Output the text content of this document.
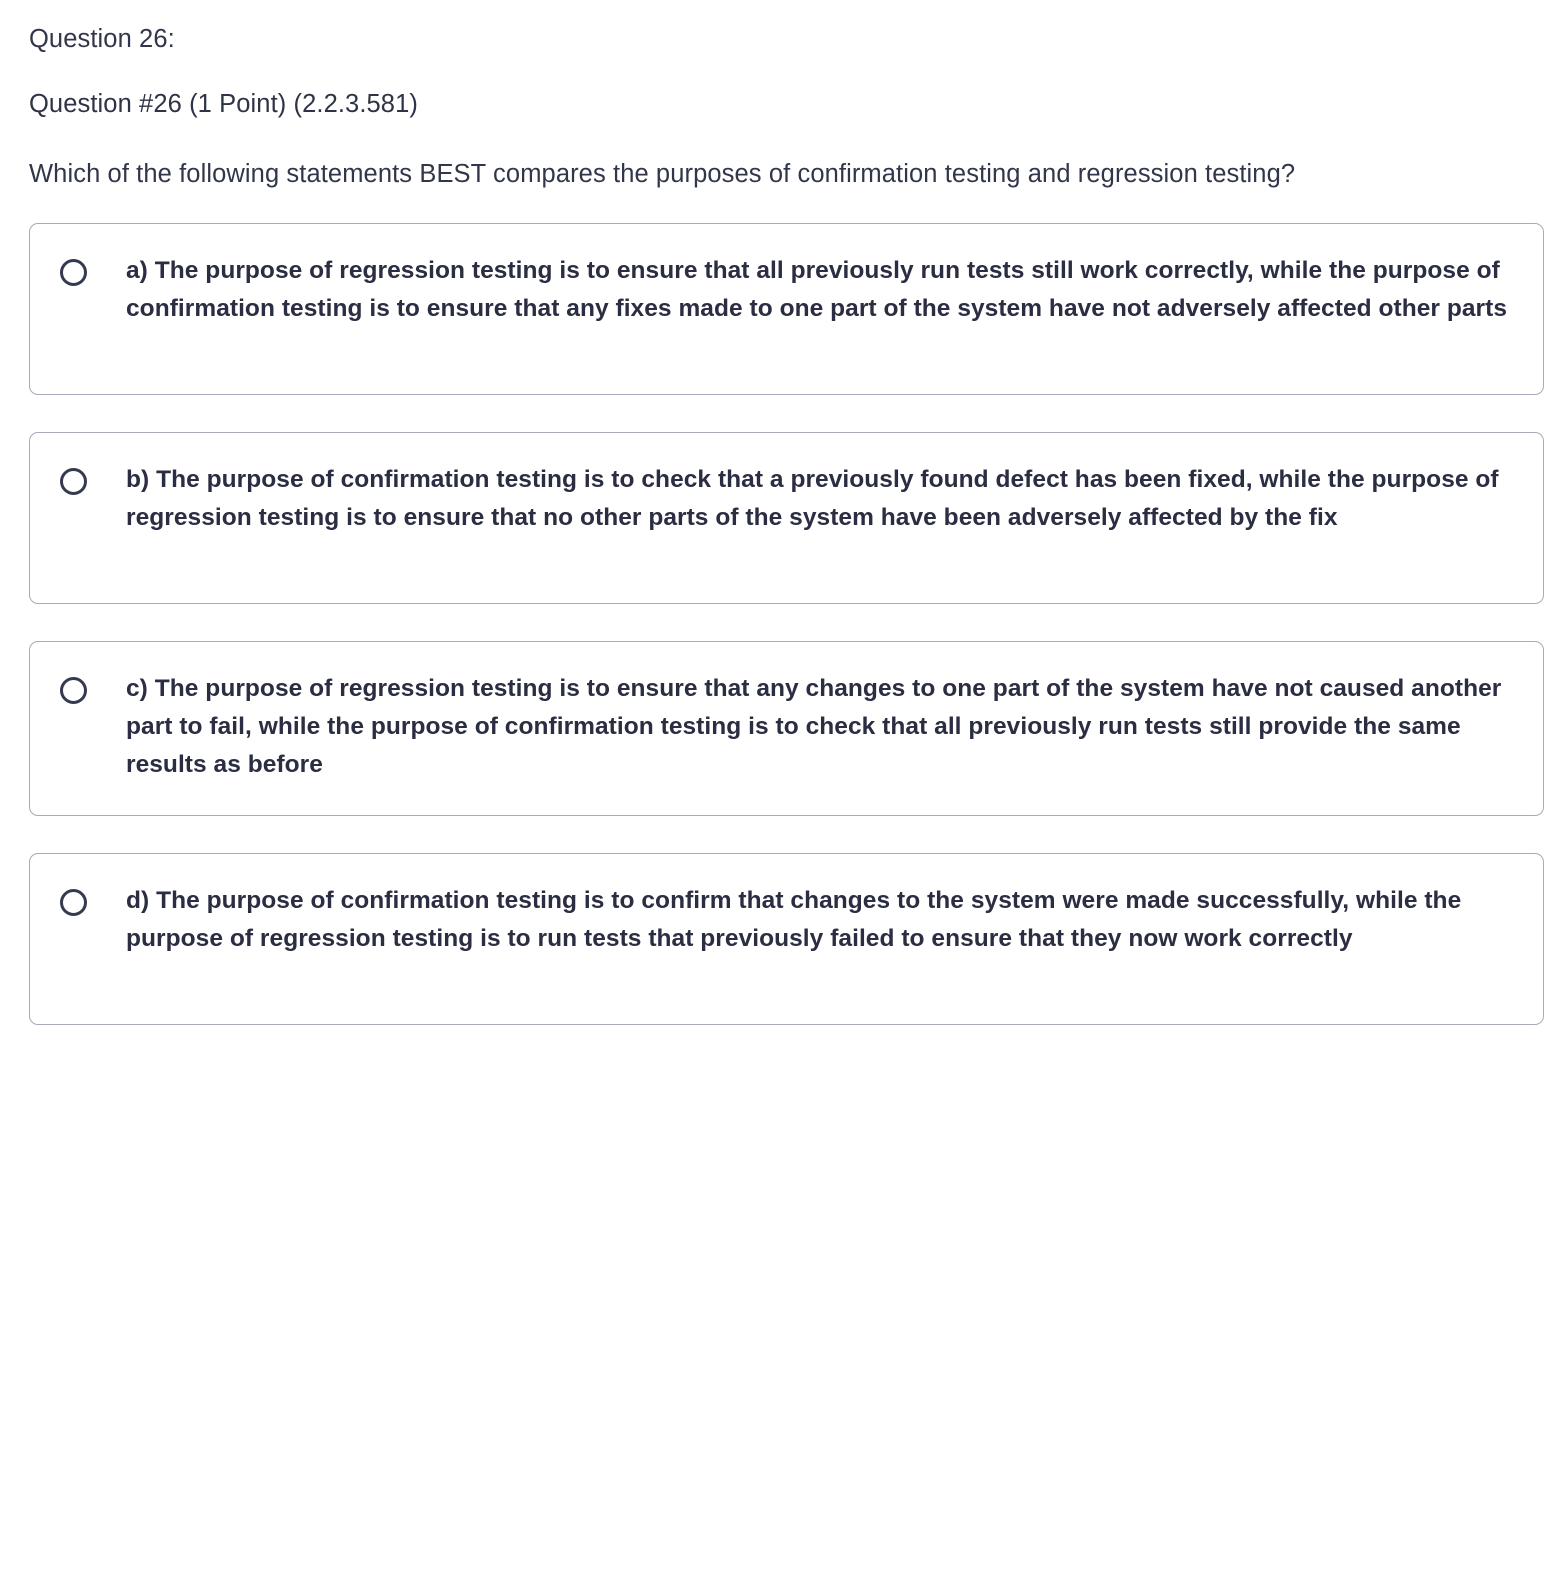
Question 26:
Question #26 (1 Point) (2.2.3.581)
Which of the following statements BEST compares the purposes of confirmation testing and regression testing?
a) The purpose of regression testing is to ensure that all previously run tests still work correctly, while the purpose of confirmation testing is to ensure that any fixes made to one part of the system have not adversely affected other parts
b) The purpose of confirmation testing is to check that a previously found defect has been fixed, while the purpose of regression testing is to ensure that no other parts of the system have been adversely affected by the fix
c) The purpose of regression testing is to ensure that any changes to one part of the system have not caused another part to fail, while the purpose of confirmation testing is to check that all previously run tests still provide the same results as before
d) The purpose of confirmation testing is to confirm that changes to the system were made successfully, while the purpose of regression testing is to run tests that previously failed to ensure that they now work correctly
